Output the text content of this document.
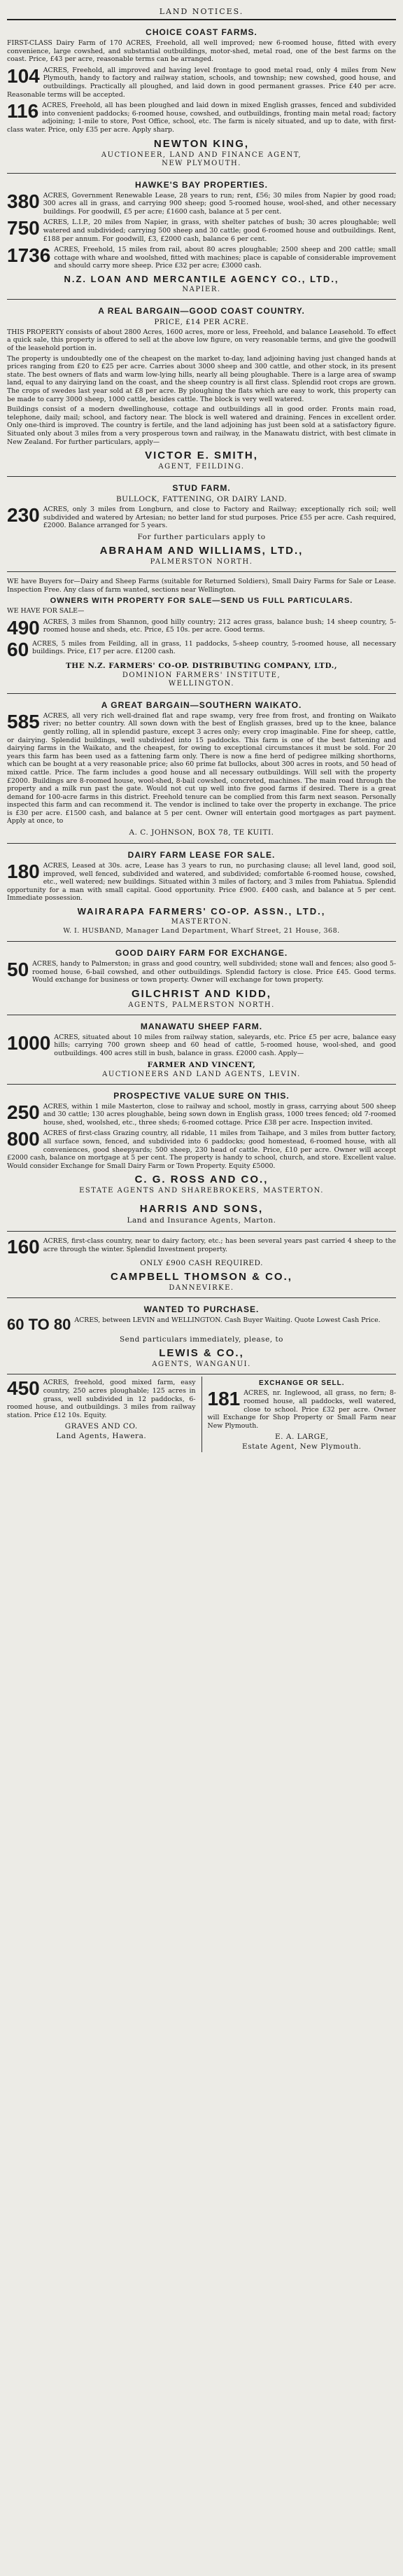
LAND NOTICES.
CHOICE COAST FARMS.

FIRST-CLASS Dairy Farm of 170 ACRES, Freehold, all well improved; new 6-roomed house, fitted with every convenience, large cowshed, and substantial outbuildings, motor-shed, metal road, one of the best farms on the coast. Price, £43 per acre, reasonable terms can be arranged.

104 ACRES, Freehold, all improved and having level frontage to good metal road, only 4 miles from New Plymouth, handy to factory and railway station, schools, and township; new cowshed, good house, and outbuildings. Practically all ploughed, and laid down in good permanent grasses. Price £40 per acre. Reasonable terms will be accepted.
116 ACRES, Freehold, all has been ploughed and laid down in mixed English grasses, fenced and subdivided into convenient paddocks; 6-roomed house, cowshed, and outbuildings, fronting main metal road; factory adjoining; 1-mile to store, Post Office, school, etc. The farm is nicely situated, and up to date, with first-class water. Price, only £35 per acre. Apply sharp.
NEWTON KING,
AUCTIONEER, LAND AND FINANCE AGENT,
NEW PLYMOUTH.
HAWKE'S BAY PROPERTIES.
380 ACRES, Government Renewable Lease, 28 years to run; rent, £56; 30 miles from Napier by good road; 300 acres all in grass, and carrying 900 sheep; good 5-roomed house, wool-shed, and other necessary buildings. For goodwill, £5 per acre; £1600 cash, balance at 5 per cent.
750 ACRES, L.I.P., 20 miles from Napier, in grass, with shelter patches of bush; 30 acres ploughable; well watered and subdivided; carrying 500 sheep and 30 cattle; good 6-roomed house and outbuildings. Rent, £188 per annum. For goodwill, £3, £2000 cash, balance 6 per cent.
1736 ACRES, Freehold, 15 miles from rail, about 80 acres ploughable; 2500 sheep and 200 cattle; small cottage with whare and woolshed, fitted with machines; place is capable of considerable improvement and should carry more sheep. Price £32 per acre; £3000 cash.
N.Z. LOAN AND MERCANTILE AGENCY CO., LTD.,
NAPIER.
A REAL BARGAIN—GOOD COAST COUNTRY.
PRICE, £14 PER ACRE.

THIS PROPERTY consists of about 2800 Acres, 1600 acres, more or less, Freehold, and balance Leasehold. To effect a quick sale, this property is offered to sell at the above low figure, on very reasonable terms, and give the goodwill of the leasehold portion in.

The property is undoubtedly one of the cheapest on the market to-day, land adjoining having just changed hands at prices ranging from £20 to £25 per acre. Carries about 3000 sheep and 300 cattle, and other stock, in its present state. The best owners of flats and warm low-lying hills, nearly all being ploughable. There is a large area of swamp land, equal to any dairying land on the coast, and the sheep country is all first class. Splendid root crops are grown. The crops of swedes last year sold at £8 per acre. By ploughing the flats which are easy to work, this property can be made to carry 3000 sheep, 1000 cattle, besides cattle. The block is very well watered.

Buildings consist of a modern dwellinghouse, cottage and outbuildings all in good order. Fronts main road, telephone, daily mail; school, and factory near. The block is well watered and draining. Fences in excellent order. Only one-third is improved. The country is fertile, and the land adjoining has just been sold at a satisfactory figure. Situated only about 3 miles from a very prosperous town and railway, in the Manawatu district, with best climate in New Zealand. For further particulars, apply—

VICTOR E. SMITH,
AGENT, FEILDING.
STUD FARM.
BULLOCK, FATTENING, OR DAIRY LAND.
230 ACRES, only 3 miles from Longburn, and close to Factory and Railway; exceptionally rich soil; well subdivided and watered by Artesian; no better land for stud purposes. Price £55 per acre. Cash required, £2000. Balance arranged for 5 years.
For further particulars apply to
ABRAHAM AND WILLIAMS, LTD.,
PALMERSTON NORTH.

WE have Buyers for—Dairy and Sheep Farms (suitable for Returned Soldiers), Small Dairy Farms for Sale or Lease. Inspection Free. Any class of farm wanted, sections near Wellington.

OWNERS WITH PROPERTY FOR SALE—SEND US FULL PARTICULARS.

WE HAVE FOR SALE—

490 ACRES, 3 miles from Shannon, good hilly country; 212 acres grass, balance bush; 14 sheep country, 5-roomed house and sheds, etc. Price, £5 10s. per acre. Good terms.
60 ACRES, 5 miles from Feilding, all in grass, 11 paddocks, 5-sheep country, 5-roomed house, all necessary buildings. Price, £17 per acre. £1200 cash.
THE N.Z. FARMERS' CO-OP. DISTRIBUTING COMPANY, LTD.,
DOMINION FARMERS' INSTITUTE,
WELLINGTON.
A GREAT BARGAIN—SOUTHERN WAIKATO.
585 ACRES, all very rich well-drained flat and rape swamp, very free from frost, and fronting on Waikato river; no better country. All sown down with the best of English grasses, bred up to the knee, balance gently rolling, all in splendid pasture, except 3 acres only; every crop imaginable. Fine for sheep, cattle, or dairying. Splendid buildings, well subdivided into 15 paddocks. This farm is one of the best fattening and dairying farms in the Waikato, and the cheapest, for owing to exceptional circumstances it must be sold. For 20 years this farm has been used as a fattening farm only. There is now a fine herd of pedigree milking shorthorns, which can be bought at a very reasonable price; also 60 prime fat bullocks, about 300 acres in roots, and 50 head of mixed cattle. Price. The farm includes a good house and all necessary outbuildings. Will sell with the property £2000. Buildings are 8-roomed house, wool-shed, 8-bail cowshed, concreted, machines. The main road through the property and a milk run past the gate. Would not cut up well into five good farms if desired. There is a great demand for 100-acre farms in this district. Freehold tenure can be complied from this farm next season. Personally inspected this farm and can recommend it. The vendor is inclined to take over the property in exchange. The price is £30 per acre. £1500 cash, and balance at 5 per cent. Owner will entertain good mortgages as part payment. Apply at once, to
A. C. JOHNSON, BOX 78, TE KUITI.
DAIRY FARM LEASE FOR SALE.
180 ACRES, Leased at 30s. acre, Lease has 3 years to run, no purchasing clause; all level land, good soil, improved, well fenced, subdivided and watered, and subdivided; comfortable 6-roomed house, cowshed, etc., well watered; new buildings. Situated within 3 miles of factory, and 3 miles from Pahiatua. Splendid opportunity for a man with small capital. Good opportunity. Price £900. £400 cash, and balance at 5 per cent. Immediate possession.
WAIRARAPA FARMERS' CO-OP. ASSN., LTD.,
MASTERTON.
W. I. HUSBAND, Manager Land Department, Wharf Street, 21 House, 368.
GOOD DAIRY FARM FOR EXCHANGE.
50 ACRES, handy to Palmerston; in grass and good country, well subdivided; stone wall and fences; also good 5-roomed house, 6-bail cowshed, and other outbuildings. Splendid factory is close. Price £45. Good terms. Would exchange for business or town property. Owner will exchange for town property.
GILCHRIST AND KIDD,
AGENTS, PALMERSTON NORTH.
MANAWATU SHEEP FARM.
1000 ACRES, situated about 10 miles from railway station, saleyards, etc. Price £5 per acre, balance easy hills; carrying 700 grown sheep and 60 head of cattle, 5-roomed house, wool-shed, and good outbuildings. 400 acres still in bush, balance in grass. £2000 cash. Apply—
FARMER AND VINCENT,
AUCTIONEERS AND LAND AGENTS, LEVIN.
PROSPECTIVE VALUE SURE ON THIS.
250 ACRES, within 1 mile Masterton, close to railway and school, mostly in grass, carrying about 500 sheep and 30 cattle; 130 acres ploughable, being sown down in English grass, 1000 trees fenced; old 7-roomed house, shed, woolshed, etc., three sheds; 6-roomed cottage. Price £38 per acre. Inspection invited.
800 ACRES of first-class Grazing country, all ridable, 11 miles from Taihape, and 3 miles from butter factory, all surface sown, fenced, and subdivided into 6 paddocks; good homestead, 6-roomed house, with all conveniences, good sheepyards; 500 sheep, 230 head of cattle. Price, £10 per acre. Owner will accept £2000 cash, balance on mortgage at 5 per cent. The property is handy to school, church, and store. Excellent value. Would consider Exchange for Small Dairy Farm or Town Property. Equity £5000.
C. G. ROSS AND CO.,
ESTATE AGENTS AND SHAREBROKERS, MASTERTON.
HARRIS AND SONS,
Land and Insurance Agents, Marton.
160 ACRES, first-class country, near to dairy factory, etc.; has been several years past carried 4 sheep to the acre through the winter. Splendid Investment property.
ONLY £900 CASH REQUIRED.
CAMPBELL THOMSON & CO.,
DANNEVIRKE.
WANTED TO PURCHASE.
60 TO 80 ACRES, between LEVIN and WELLINGTON. Cash Buyer Waiting. Quote Lowest Cash Price.
Send particulars immediately, please, to
LEWIS & CO.,
AGENTS, WANGANUI.
450 ACRES, freehold, good mixed farm, easy country, 250 acres ploughable; 125 acres in grass, well subdivided in 12 paddocks, 6-roomed house, and outbuildings. 3 miles from railway station. Price £12 10s. Equity.
GRAVES AND CO.
Land Agents, Hawera.
EXCHANGE OR SELL.
181 ACRES, nr. Inglewood, all grass, no fern; 8-roomed house, all paddocks, well watered, close to school. Price £32 per acre. Owner will Exchange for Shop Property or Small Farm near New Plymouth.
E. A. LARGE,
Estate Agent, New Plymouth.
